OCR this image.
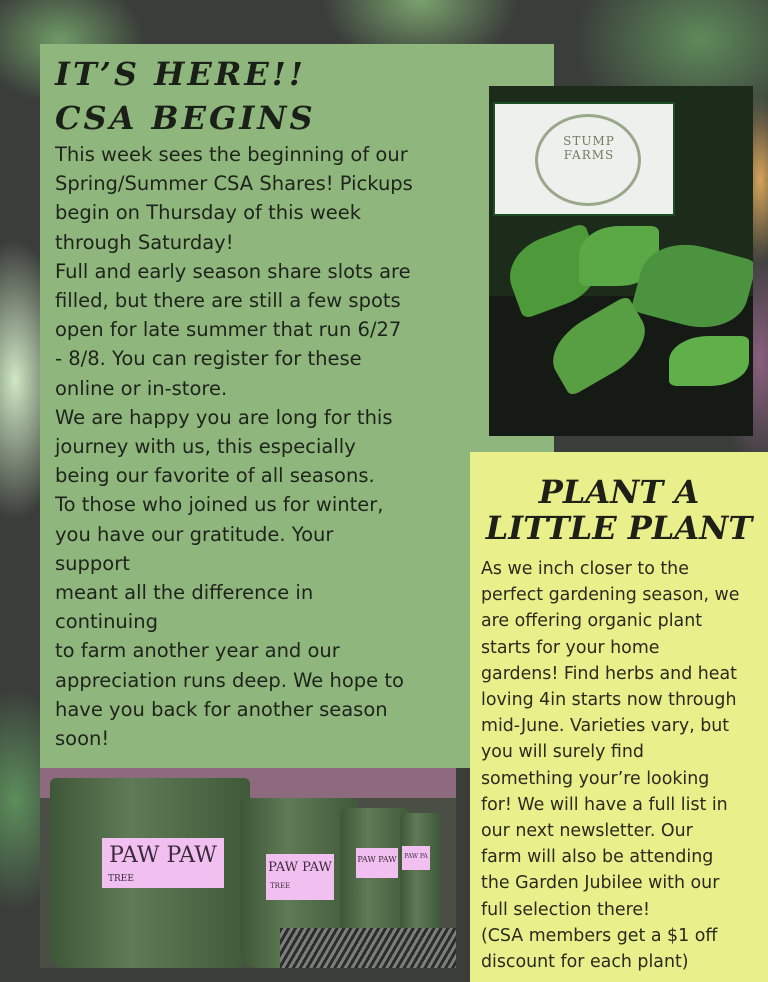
IT’S HERE!!
CSA BEGINS

This week sees the beginning of our
Spring/Summer CSA Shares! Pickups
begin on Thursday of this week
through Saturday!
Full and early season share slots are
filled, but there are still a few spots
open for late summer that run 6/27
- 8/8. You can register for these
online or in-store.
We are happy you are long for this
journey with us, this especially
being our favorite of all seasons.
To those who joined us for winter,
you have our gratitude. Your
support
meant all the difference in
continuing
to farm another year and our
appreciation runs deep. We hope to
have you back for another season
soon!

STUMP
FARMS
PLANT A
LITTLE PLANT

As we inch closer to the
perfect gardening season, we
are offering organic plant
starts for your home
gardens! Find herbs and heat
loving 4in starts now through
mid-June. Varieties vary, but
you will surely find
something your’re looking
for! We will have a full list in
our next newsletter. Our
farm will also be attending
the Garden Jubilee with our
full selection there!
(CSA members get a $1 off
discount for each plant)

PAW PAW
TREE
PAW PAW
TREE
PAW PAW	PAW PA
